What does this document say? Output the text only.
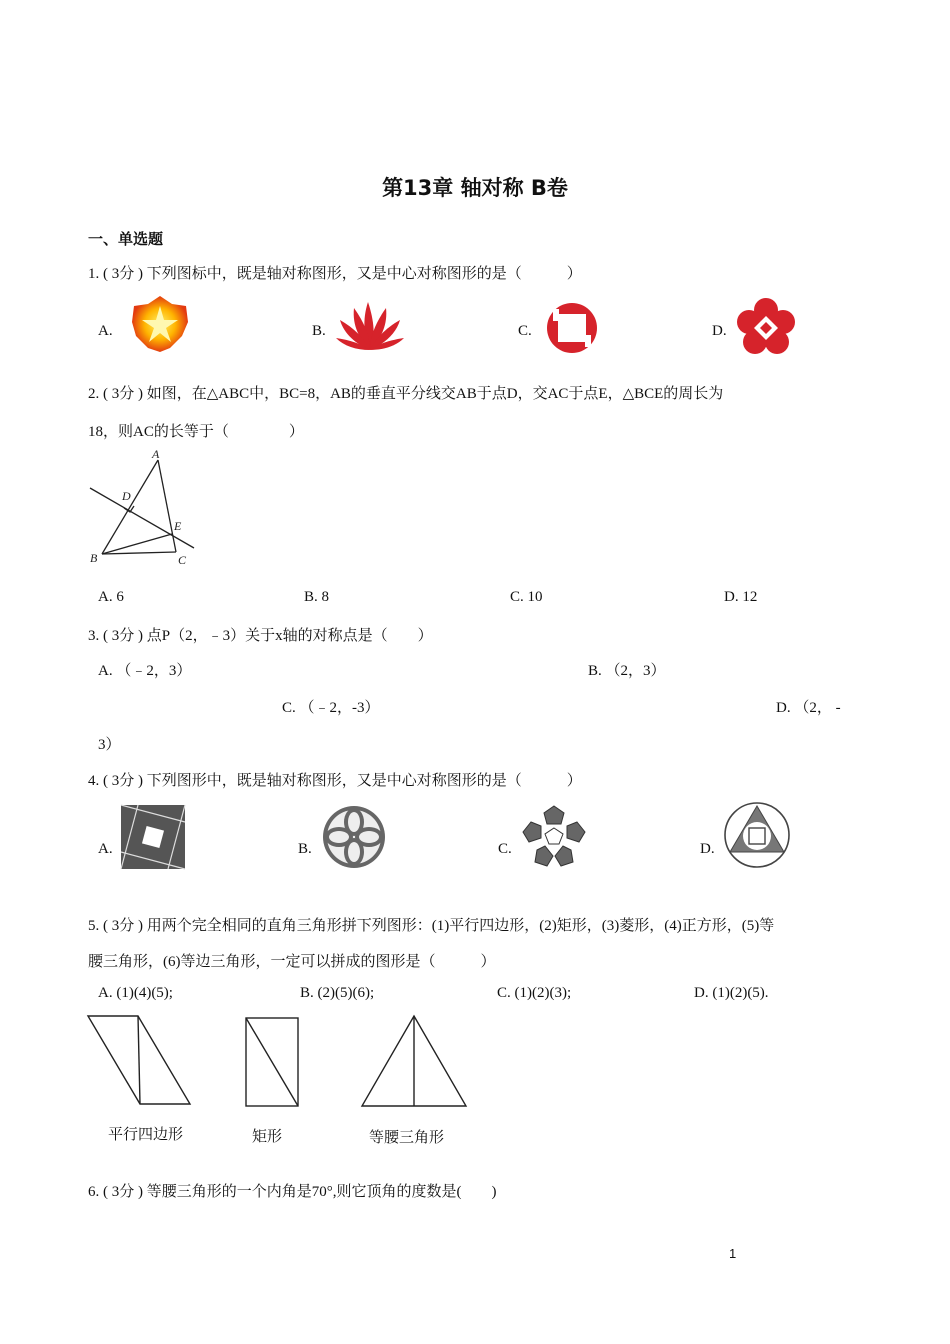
第13章 轴对称 B卷
一、单选题
1. ( 3分 ) 下列图标中，既是轴对称图形，又是中心对称图形的是（　　　）
A.	B.	C.	D.
2. ( 3分 ) 如图，在△ABC中，BC=8，AB的垂直平分线交AB于点D，交AC于点E，△BCE的周长为
18，则AC的长等于（　　　　）
A
D
E
B	C
A. 6	B. 8	C. 10	D. 12
3. ( 3分 ) 点P（2，﹣3）关于x轴的对称点是（　　）
A. （﹣2，3）	B. （2，3）
C. （﹣2，-3）	D. （2， -
3）
4. ( 3分 ) 下列图形中，既是轴对称图形，又是中心对称图形的是（　　　）
A.	B.	C.	D.
5. ( 3分 ) 用两个完全相同的直角三角形拼下列图形：(1)平行四边形，(2)矩形，(3)菱形，(4)正方形，(5)等
腰三角形，(6)等边三角形，一定可以拼成的图形是（　　　）
A. (1)(4)(5);	B. (2)(5)(6);	C. (1)(2)(3);	D. (1)(2)(5).
平行四边形	矩形	等腰三角形
6. ( 3分 ) 等腰三角形的一个内角是70°,则它顶角的度数是(　　)
1
